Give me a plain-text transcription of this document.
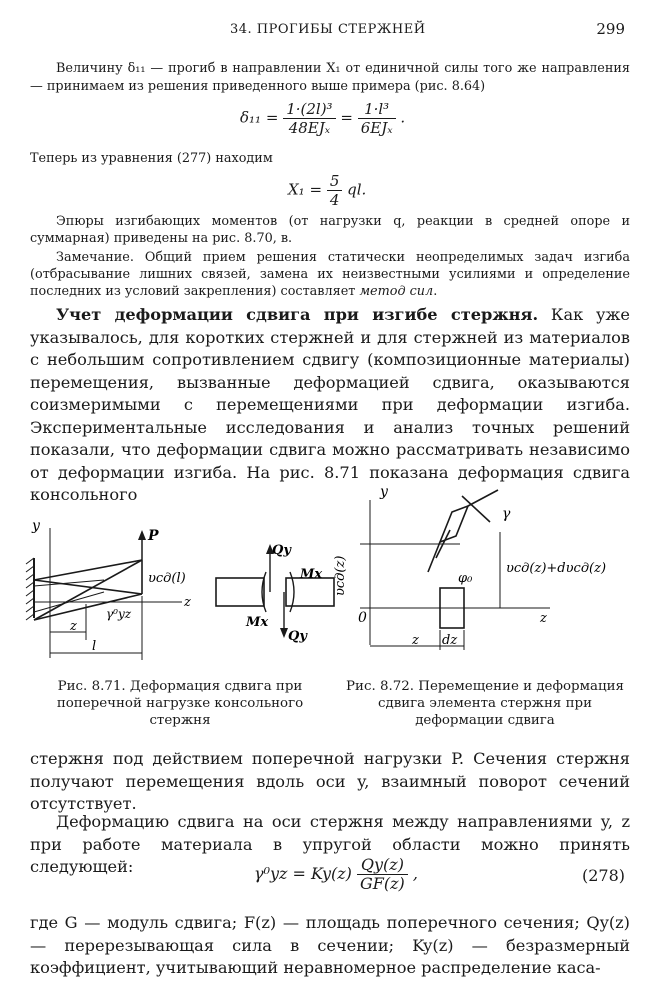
34. ПРОГИБЫ СТЕРЖНЕЙ	299
Величину δ₁₁ — прогиб в направлении X₁ от единичной силы того же направления — принимаем из решения приведенного выше примера (рис. 8.64)
$\delta_{11} = \frac{\text{1·(2l)³}}{\text{48EJₓ}} = \frac{\text{1·l³}}{\text{6EJₓ}}$ .
Теперь из уравнения (277) находим
$X_1 = \frac{5}{4}$ ql.
Эпюры изгибающих моментов (от нагрузки q, реакции в средней опоре и суммарная) приведены на рис. 8.70, в.
Замечание. Общий прием решения статически неопределимых задач изгиба (отбрасывание лишних связей, замена их неизвестными усилиями и определение последних из условий закрепления) составляет метод сил.
Учет деформации сдвига при изгибе стержня. Как уже указывалось, для коротких стержней и для стержней из материалов с небольшим сопротивлением сдвигу (композиционные материалы) перемещения, вызванные деформацией сдвига, оказываются соизмеримыми с перемещениями при деформации изгиба. Экспериментальные исследования и анализ точных решений показали, что деформации сдвига можно рассматривать независимо от деформации изгиба. На рис. 8.71 показана деформация сдвига консольного
y
z
P
υсд(l)
γ⁰yz
z
l
Qy
Mx
Mx
Qy
y
z
0
υсд(z)	υсд(z)+dυсд(z)
γ
φ₀
z dz
Рис. 8.71. Деформация сдвига при поперечной нагрузке консольного стержня
Рис. 8.72. Перемещение и деформация сдвига элемента стержня при деформации сдвига
стержня под действием поперечной нагрузки P. Сечения стержня получают перемещения вдоль оси y, взаимный поворот сечений отсутствует.
Деформацию сдвига на оси стержня между направлениями y, z при работе материала в упругой области можно принять следующей:	$\gamma^0yz = Ky(z) \frac{Qy(z)}{GF(z)}$ ,	(278)
где G — модуль сдвига; F(z) — площадь поперечного сечения; Qy(z) — перерезывающая сила в сечении; Ky(z) — безразмерный коэффициент, учитывающий неравномерное распределение каса-
